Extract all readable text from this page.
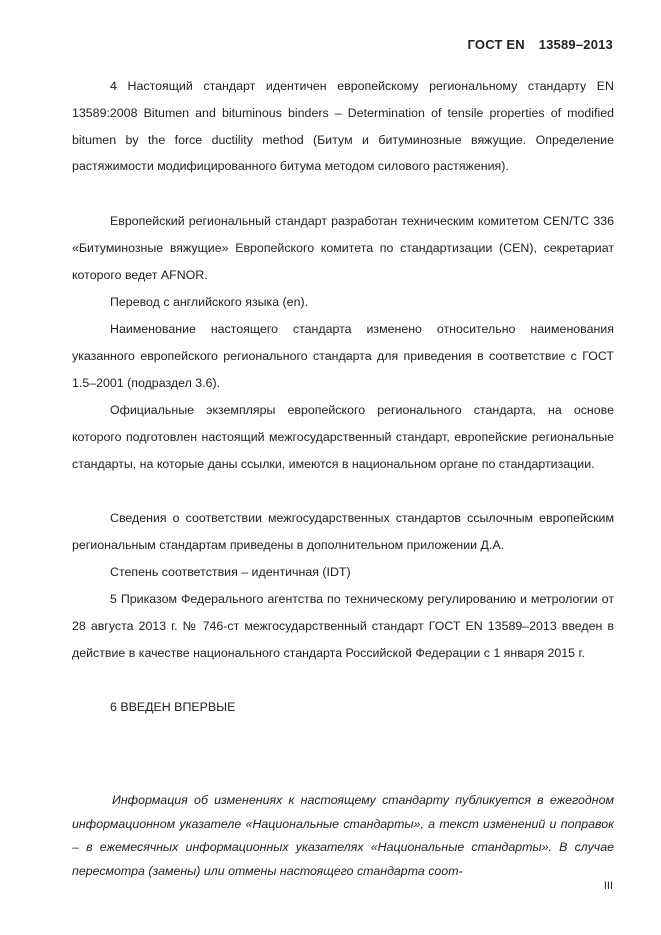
ГОСТ EN 13589–2013

4 Настоящий стандарт идентичен европейскому региональному стандарту EN 13589:2008 Bitumen and bituminous binders – Determination of tensile properties of modified bitumen by the force ductility method (Битум и битуминозные вяжущие. Определение растяжимости модифицированного битума методом силового растяжения).

Европейский региональный стандарт разработан техническим комитетом CEN/TC 336 «Битуминозные вяжущие» Европейского комитета по стандартизации (CEN), секретариат которого ведет AFNOR.

Перевод с английского языка (en).

Наименование настоящего стандарта изменено относительно наименования указанного европейского регионального стандарта для приведения в соответствие с ГОСТ 1.5–2001 (подраздел 3.6).

Официальные экземпляры европейского регионального стандарта, на основе которого подготовлен настоящий межгосударственный стандарт, европейские региональные стандарты, на которые даны ссылки, имеются в национальном органе по стандартизации.

Сведения о соответствии межгосударственных стандартов ссылочным европейским региональным стандартам приведены в дополнительном приложении Д.А.

Степень соответствия – идентичная (IDT)

5 Приказом Федерального агентства по техническому регулированию и метрологии от 28 августа 2013 г. № 746-ст межгосударственный стандарт ГОСТ EN 13589–2013 введен в действие в качестве национального стандарта Российской Федерации с 1 января 2015 г.

6 ВВЕДЕН ВПЕРВЫЕ

Информация об изменениях к настоящему стандарту публикуется в ежегодном информационном указателе «Национальные стандарты», а текст изменений и поправок – в ежемесячных информационных указателях «Национальные стандарты». В случае пересмотра (замены) или отмены настоящего стандарта соот-

III
